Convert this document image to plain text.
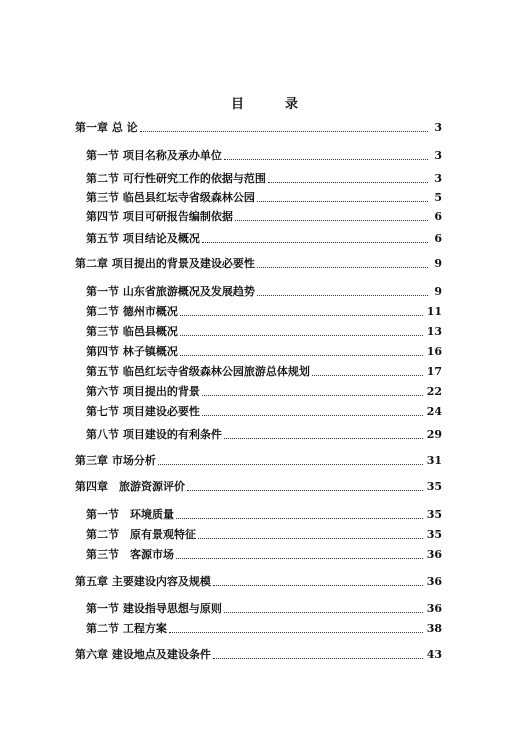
目　录
第一章 总 论	3
第一节 项目名称及承办单位	3
第二节 可行性研究工作的依据与范围	3
第三节 临邑县红坛寺省级森林公园	5
第四节 项目可研报告编制依据	6
第五节 项目结论及概况	6
第二章 项目提出的背景及建设必要性	9
第一节 山东省旅游概况及发展趋势	9
第二节 德州市概况	11
第三节 临邑县概况	13
第四节 林子镇概况	16
第五节 临邑红坛寺省级森林公园旅游总体规划	17
第六节 项目提出的背景	22
第七节 项目建设必要性	24
第八节 项目建设的有利条件	29
第三章 市场分析	31
第四章　旅游资源评价	35
第一节　环境质量	35
第二节　原有景观特征	35
第三节　客源市场	36
第五章 主要建设内容及规模	36
第一节 建设指导思想与原则	36
第二节 工程方案	38
第六章 建设地点及建设条件	43
